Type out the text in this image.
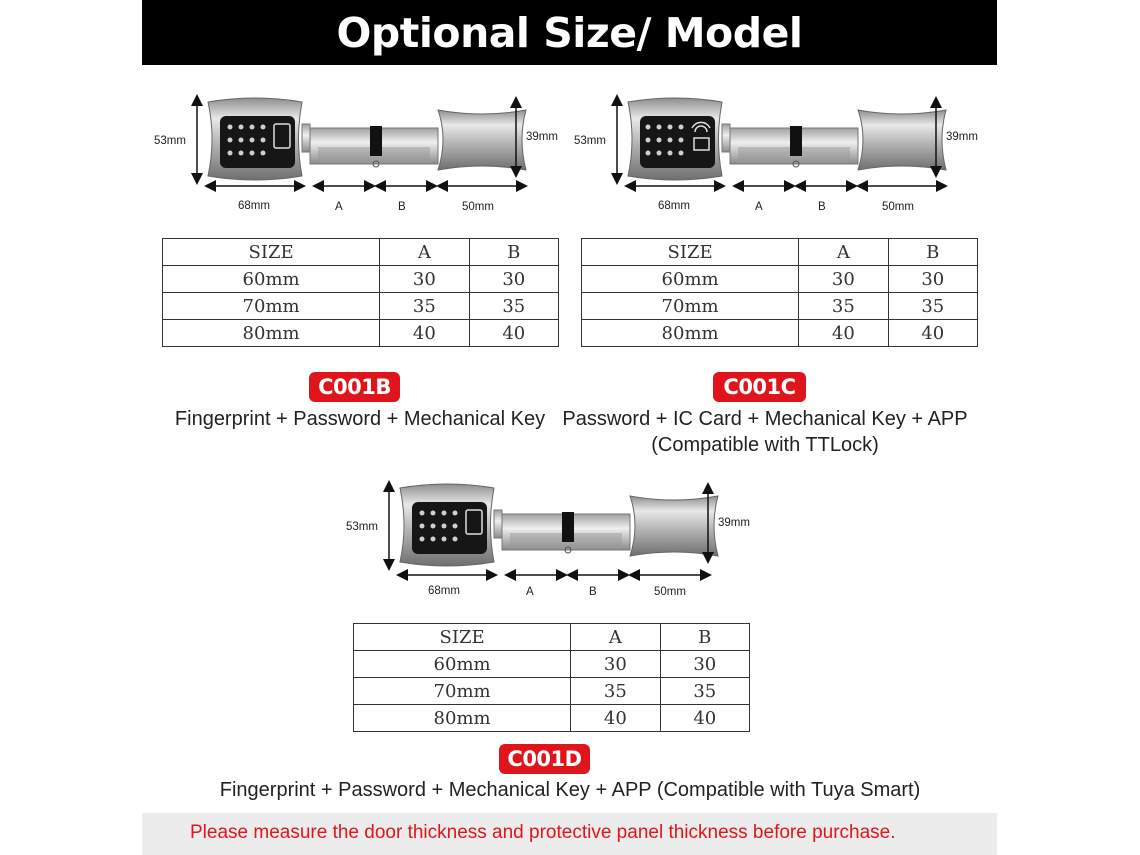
Optional Size/ Model
53mm	39mm
68mm	A	B	50mm
53mm	39mm
68mm	A	B	50mm
53mm	39mm
68mm	A	B	50mm
SIZE	A	B
60mm	30	30
70mm	35	35
80mm	40	40
SIZE	A	B
60mm	30	30
70mm	35	35
80mm	40	40
SIZE	A	B
60mm	30	30
70mm	35	35
80mm	40	40
C001B	C001C
C001D
Fingerprint + Password + Mechanical Key Password + IC Card + Mechanical Key + APP
(Compatible with TTLock)
Fingerprint + Password + Mechanical Key + APP (Compatible with Tuya Smart)

Please measure the door thickness and protective panel thickness before purchase.
